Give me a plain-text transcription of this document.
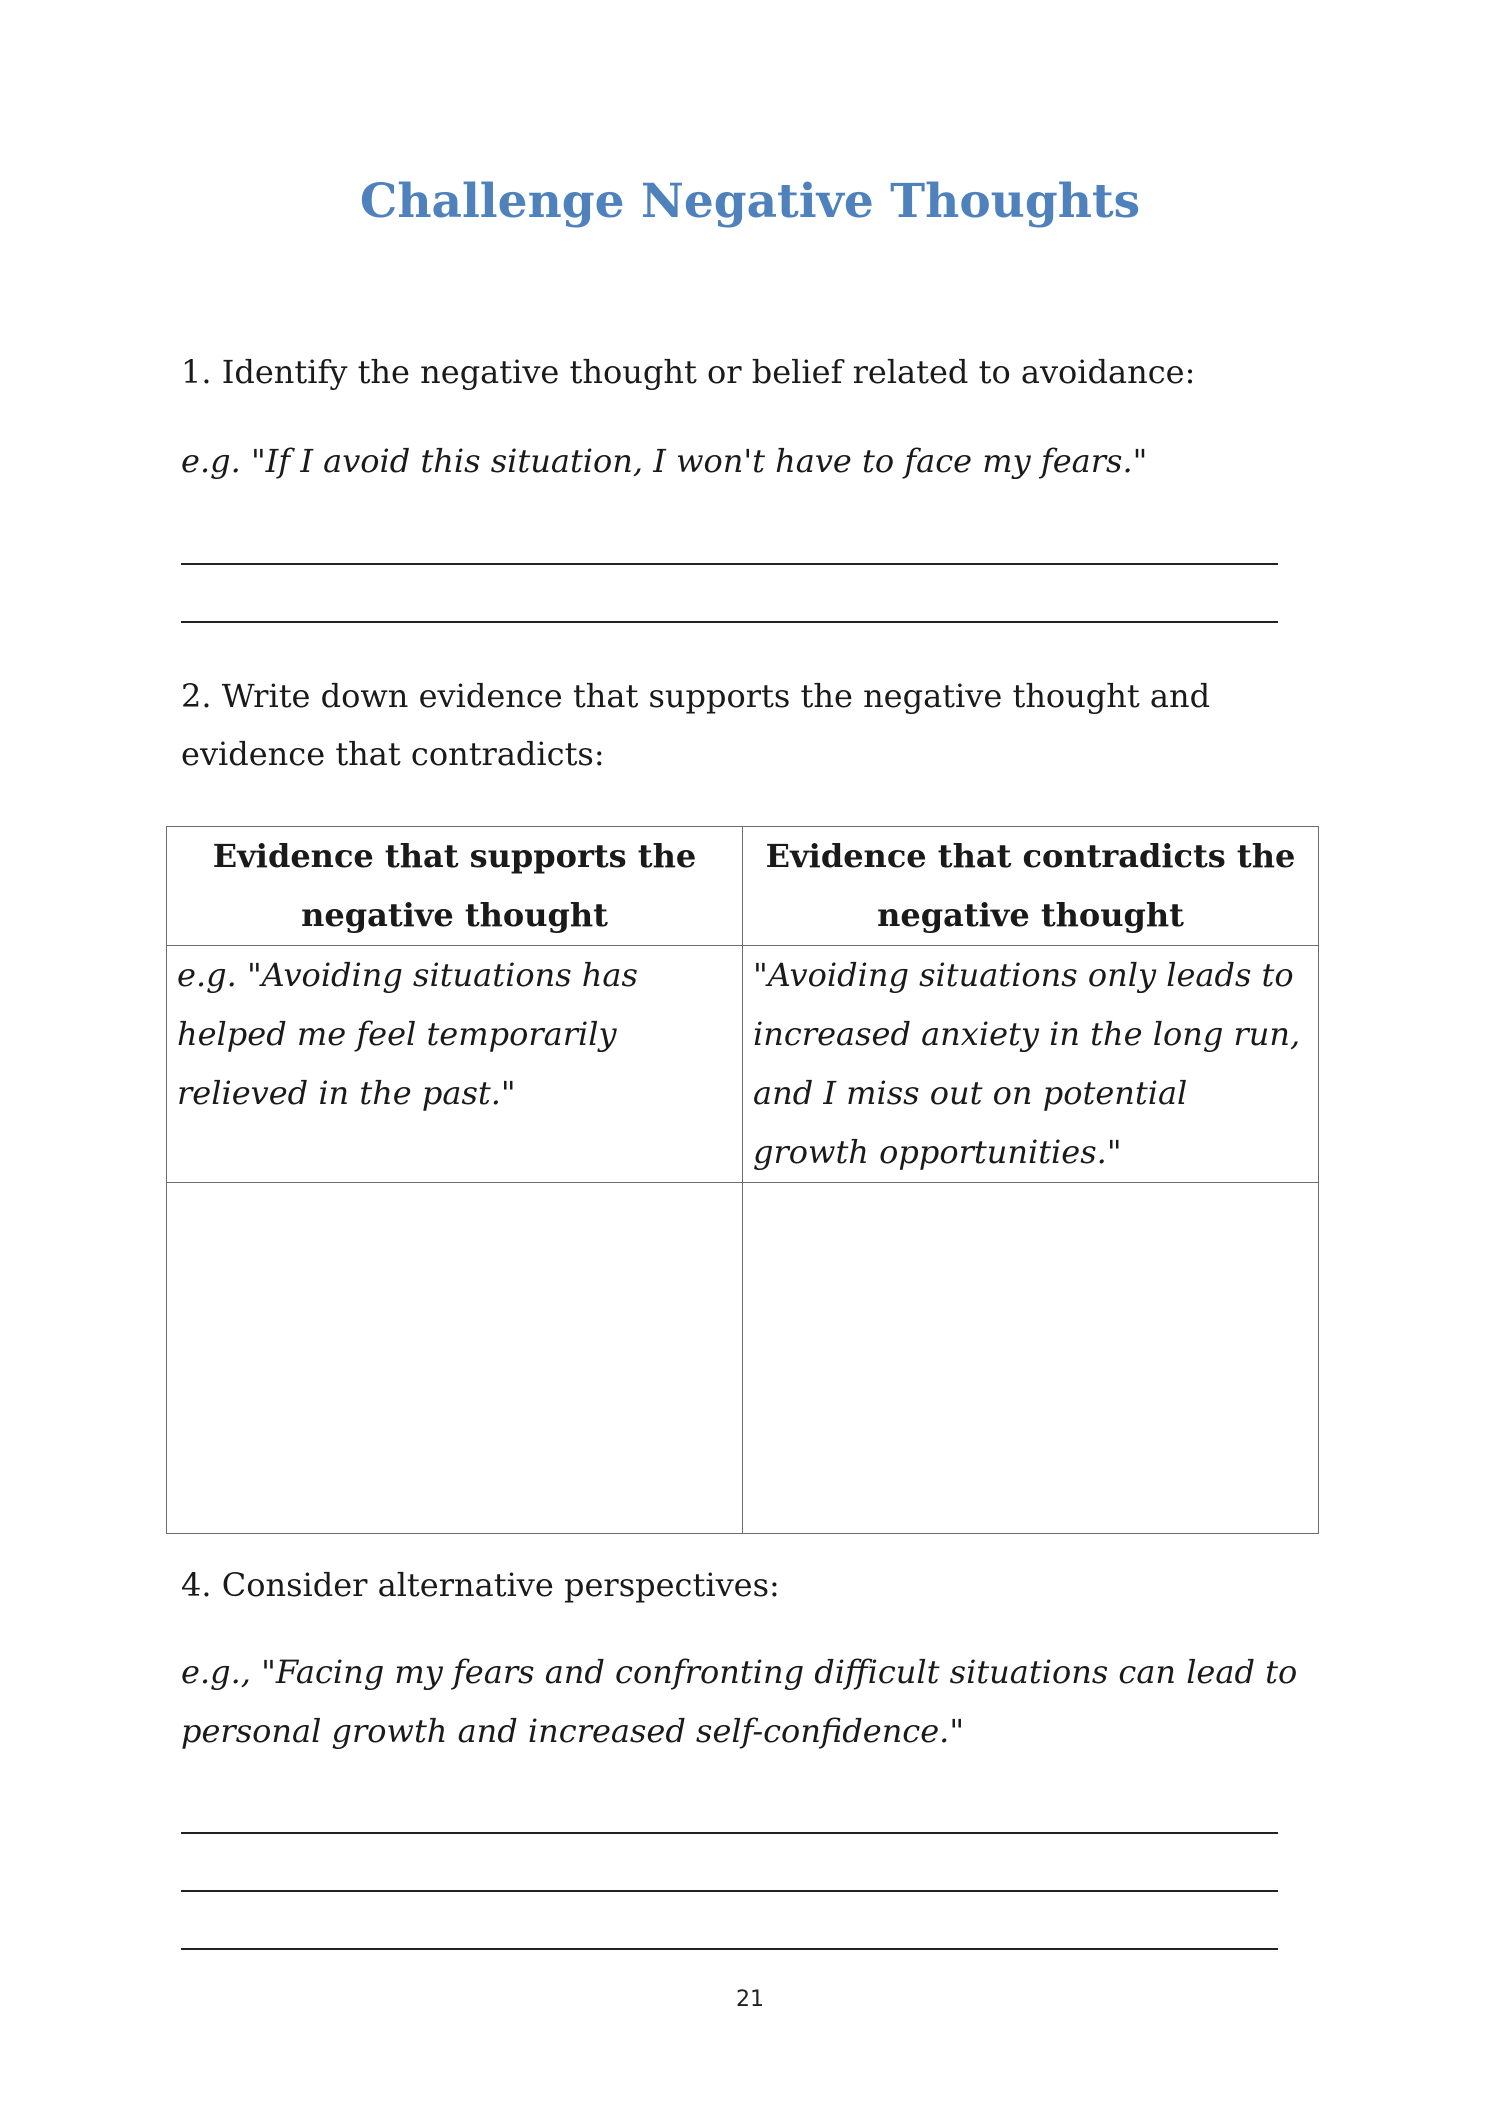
Challenge Negative Thoughts

1. Identify the negative thought or belief related to avoidance:

e.g. "If I avoid this situation, I won't have to face my fears."

2. Write down evidence that supports the negative thought and evidence that contradicts:

Evidence that supports the negative thought	Evidence that contradicts the negative thought
e.g. "Avoiding situations has helped me feel temporarily relieved in the past."	"Avoiding situations only leads to increased anxiety in the long run, and I miss out on potential growth opportunities."

4. Consider alternative perspectives:

e.g., "Facing my fears and confronting difficult situations can lead to personal growth and increased self-confidence."

21
